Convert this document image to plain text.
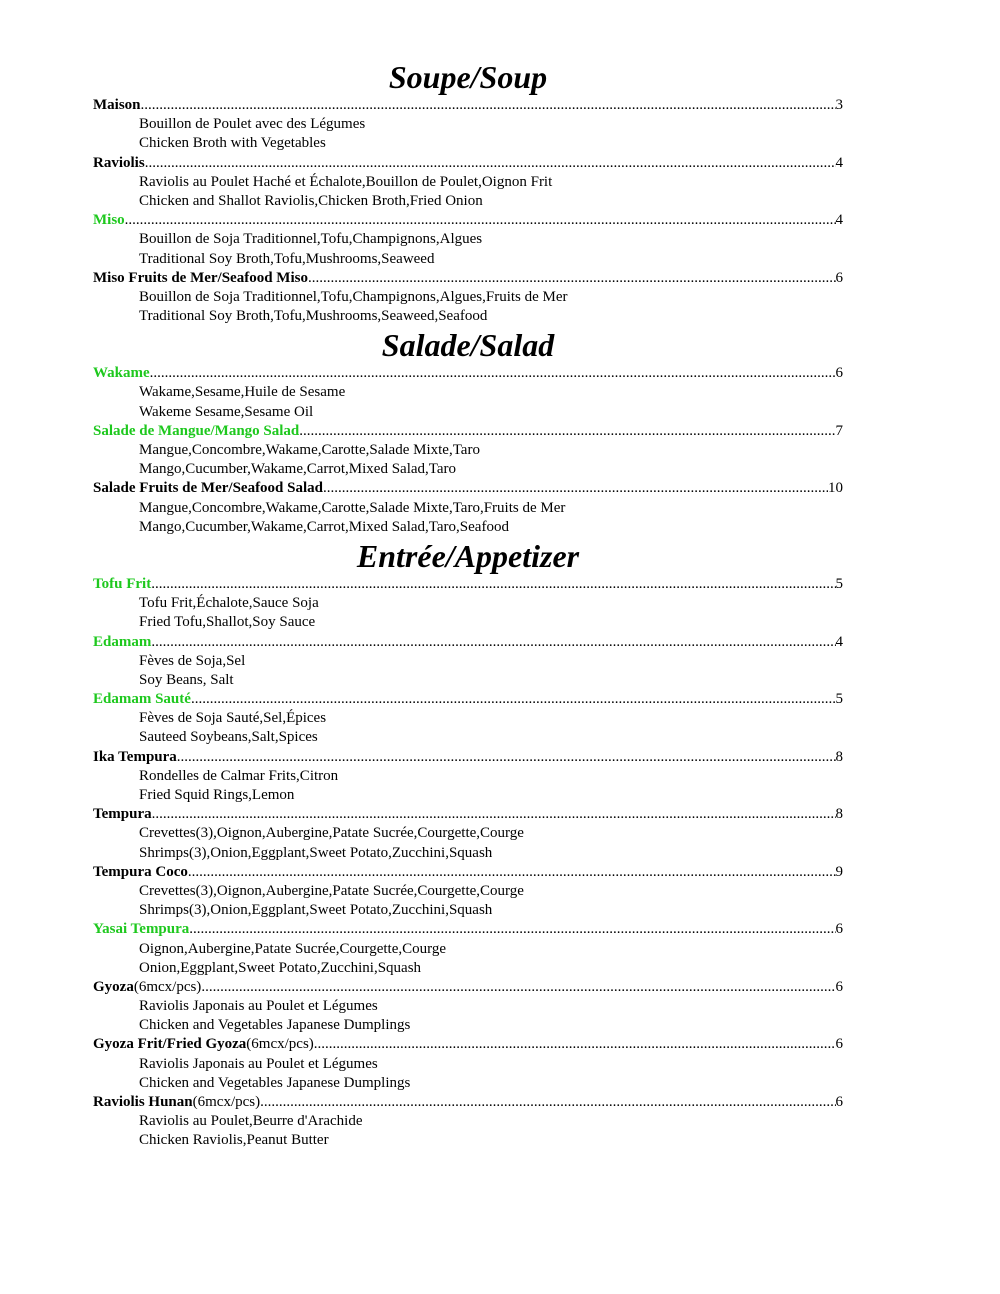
Soupe/Soup
Maison .....	3
Bouillon de Poulet avec des Légumes
Chicken Broth with Vegetables
Raviolis .....	4
Raviolis au Poulet Haché et Échalote,Bouillon de Poulet,Oignon Frit
Chicken and Shallot Raviolis,Chicken Broth,Fried Onion
Miso .....	4
Bouillon de Soja Traditionnel,Tofu,Champignons,Algues
Traditional Soy Broth,Tofu,Mushrooms,Seaweed
Miso Fruits de Mer/Seafood Miso .....	6
Bouillon de Soja Traditionnel,Tofu,Champignons,Algues,Fruits de Mer
Traditional Soy Broth,Tofu,Mushrooms,Seaweed,Seafood
Salade/Salad
Wakame .....	6
Wakame,Sesame,Huile de Sesame
Wakeme Sesame,Sesame Oil
Salade de Mangue/Mango Salad .....	7
Mangue,Concombre,Wakame,Carotte,Salade Mixte,Taro
Mango,Cucumber,Wakame,Carrot,Mixed Salad,Taro
Salade Fruits de Mer/Seafood Salad .....	10
Mangue,Concombre,Wakame,Carotte,Salade Mixte,Taro,Fruits de Mer
Mango,Cucumber,Wakame,Carrot,Mixed Salad,Taro,Seafood
Entrée/Appetizer
Tofu Frit .....	5
Tofu Frit,Échalote,Sauce Soja
Fried Tofu,Shallot,Soy Sauce
Edamam .....	4
Fèves de Soja,Sel
Soy Beans, Salt
Edamam Sauté .....	5
Fèves de Soja Sauté,Sel,Épices
Sauteed Soybeans,Salt,Spices
Ika Tempura .....	8
Rondelles de Calmar Frits,Citron
Fried Squid Rings,Lemon
Tempura .....	8
Crevettes(3),Oignon,Aubergine,Patate Sucrée,Courgette,Courge
Shrimps(3),Onion,Eggplant,Sweet Potato,Zucchini,Squash
Tempura Coco .....	9
Crevettes(3),Oignon,Aubergine,Patate Sucrée,Courgette,Courge
Shrimps(3),Onion,Eggplant,Sweet Potato,Zucchini,Squash
Yasai Tempura .....	6
Oignon,Aubergine,Patate Sucrée,Courgette,Courge
Onion,Eggplant,Sweet Potato,Zucchini,Squash
Gyoza (6mcx/pcs) .....	6
Raviolis Japonais au Poulet et Légumes
Chicken and Vegetables Japanese Dumplings
Gyoza Frit/Fried Gyoza (6mcx/pcs) .....	6
Raviolis Japonais au Poulet et Légumes
Chicken and Vegetables Japanese Dumplings
Raviolis Hunan (6mcx/pcs) .....	6
Raviolis au Poulet,Beurre d'Arachide
Chicken Raviolis,Peanut Butter
